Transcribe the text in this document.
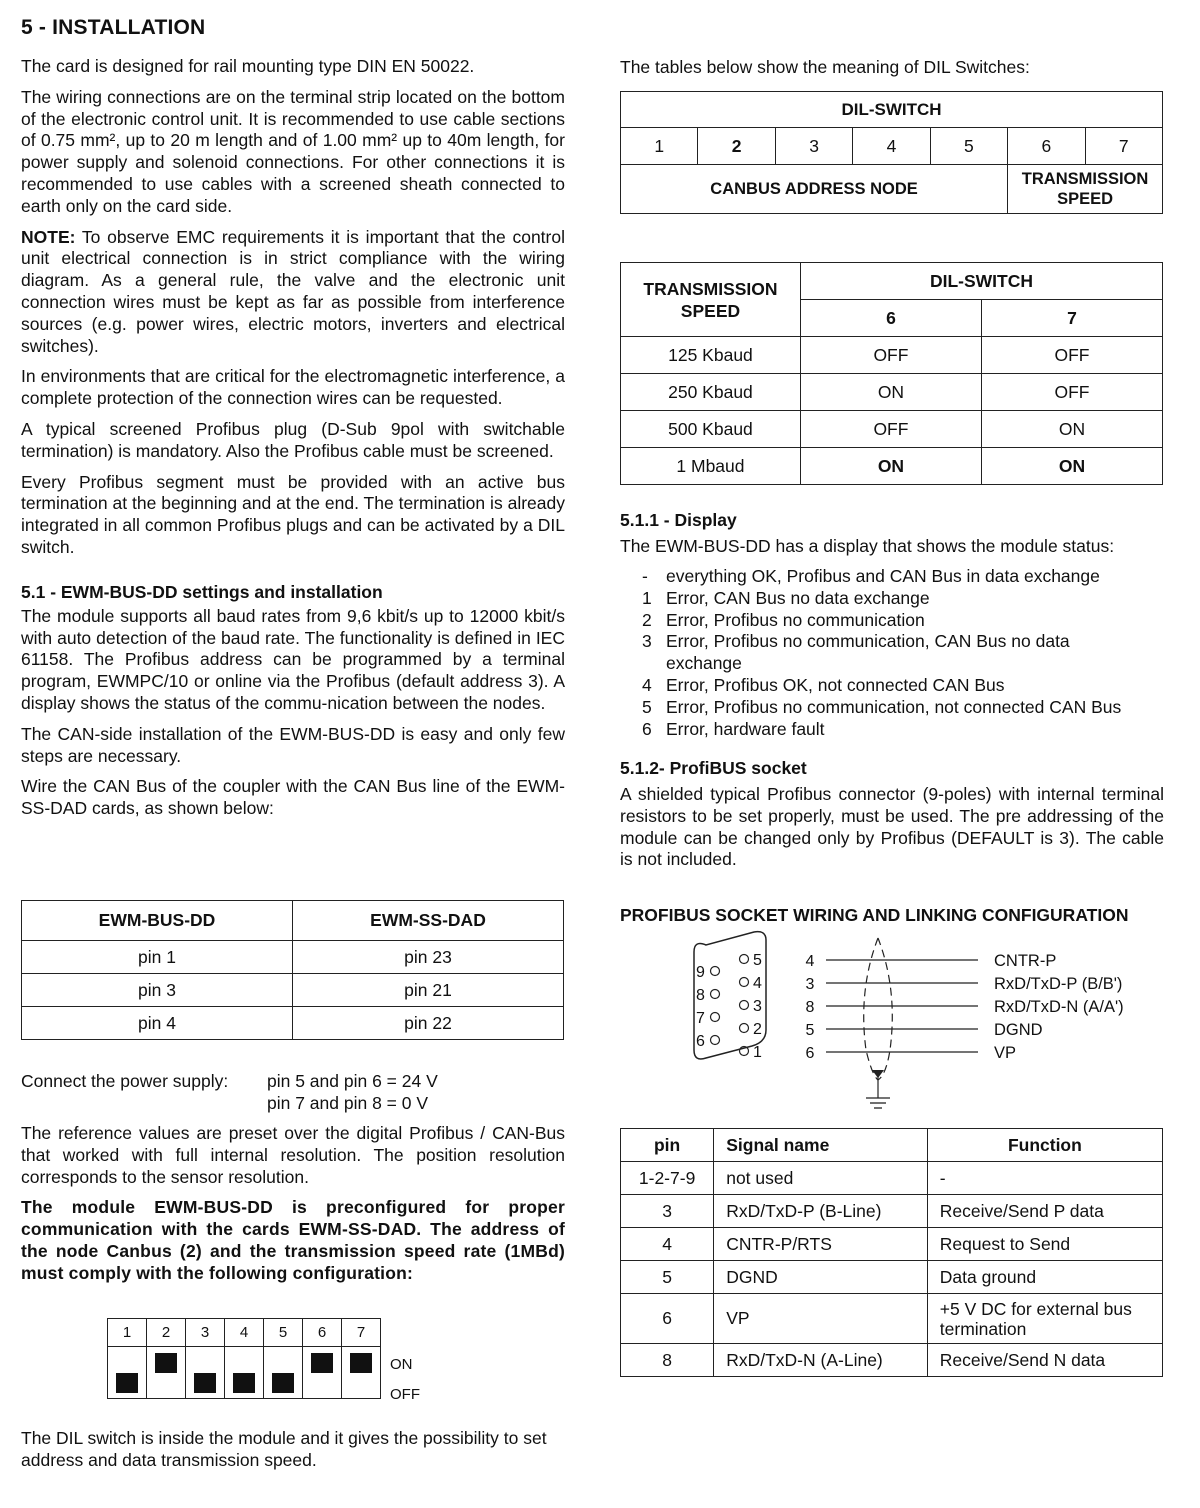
5 - INSTALLATION

The card is designed for rail mounting type DIN EN 50022.

The wiring connections are on the terminal strip located on the bottom of the electronic control unit. It is recommended to use cable sections of 0.75 mm², up to 20 m length and of 1.00 mm² up to 40m length, for power supply and solenoid connections. For other connections it is recommended to use cables with a screened sheath connected to earth only on the card side.

NOTE: To observe EMC requirements it is important that the control unit electrical connection is in strict compliance with the wiring diagram. As a general rule, the valve and the electronic unit connection wires must be kept as far as possible from interference sources (e.g. power wires, electric motors, inverters and electrical switches).

In environments that are critical for the electromagnetic interference, a complete protection of the connection wires can be requested.

A typical screened Profibus plug (D-Sub 9pol with switchable termination) is mandatory. Also the Profibus cable must be screened.

Every Profibus segment must be provided with an active bus termination at the beginning and at the end. The termination is already integrated in all common Profibus plugs and can be activated by a DIL switch.

5.1 - EWM-BUS-DD settings and installation

The module supports all baud rates from 9,6 kbit/s up to 12000 kbit/s with auto detection of the baud rate. The functionality is defined in IEC 61158. The Profibus address can be programmed by a terminal program, EWMPC/10 or online via the Profibus (default address 3). A display shows the status of the commu-nication between the nodes.

The CAN-side installation of the EWM-BUS-DD is easy and only few steps are necessary.

Wire the CAN Bus of the coupler with the CAN Bus line of the EWM-SS-DAD cards, as shown below:

EWM-BUS-DD	EWM-SS-DAD
pin 1	pin 23
pin 3	pin 21
pin 4	pin 22
Connect the power supply: pin 5 and pin 6 = 24 V
pin 7 and pin 8 = 0 V

The reference values are preset over the digital Profibus / CAN-Bus that worked with full internal resolution. The position resolution corresponds to the sensor resolution.

The module EWM-BUS-DD is preconfigured for proper communication with the cards EWM-SS-DAD. The address of the node Canbus (2) and the transmission speed rate (1MBd) must comply with the following configuration:

1	2	3	4	5	6	7

ON
OFF
The DIL switch is inside the module and it gives the possibility to set address and data transmission speed.
The tables below show the meaning of DIL Switches:
DIL-SWITCH						
1	2	3	4	5	6	7
CANBUS ADDRESS NODE					TRANSMISSION
SPEED	
TRANSMISSION
SPEED	DIL-SWITCH	
	6	7
125 Kbaud	OFF	OFF
250 Kbaud	ON	OFF
500 Kbaud	OFF	ON
1 Mbaud	ON	ON
5.1.1 - Display
The EWM-BUS-DD has a display that shows the module status:
- everything OK, Profibus and CAN Bus in data exchange
1 Error, CAN Bus no data exchange
2 Error, Profibus no communication
3 Error, Profibus no communication, CAN Bus no data exchange
4 Error, Profibus OK, not connected CAN Bus
5 Error, Profibus no communication, not connected CAN Bus
6 Error, hardware fault
5.1.2- ProfiBUS socket
A shielded typical Profibus connector (9-poles) with internal terminal resistors to be set properly, must be used. The pre addressing of the module can be changed only by Profibus (DEFAULT is 3). The cable is not included.
PROFIBUS SOCKET WIRING AND LINKING CONFIGURATION
9
8
7
6
5
4
3
2
1
4
3
8
5
6
CNTR-P
RxD/TxD-P (B/B')
RxD/TxD-N (A/A')
DGND
VP
pin	Signal name	Function
1-2-7-9	not used	-
3	RxD/TxD-P (B-Line)	Receive/Send P data
4	CNTR-P/RTS	Request to Send
5	DGND	Data ground
6	VP	+5 V DC for external bus termination
8	RxD/TxD-N (A-Line)	Receive/Send N data
